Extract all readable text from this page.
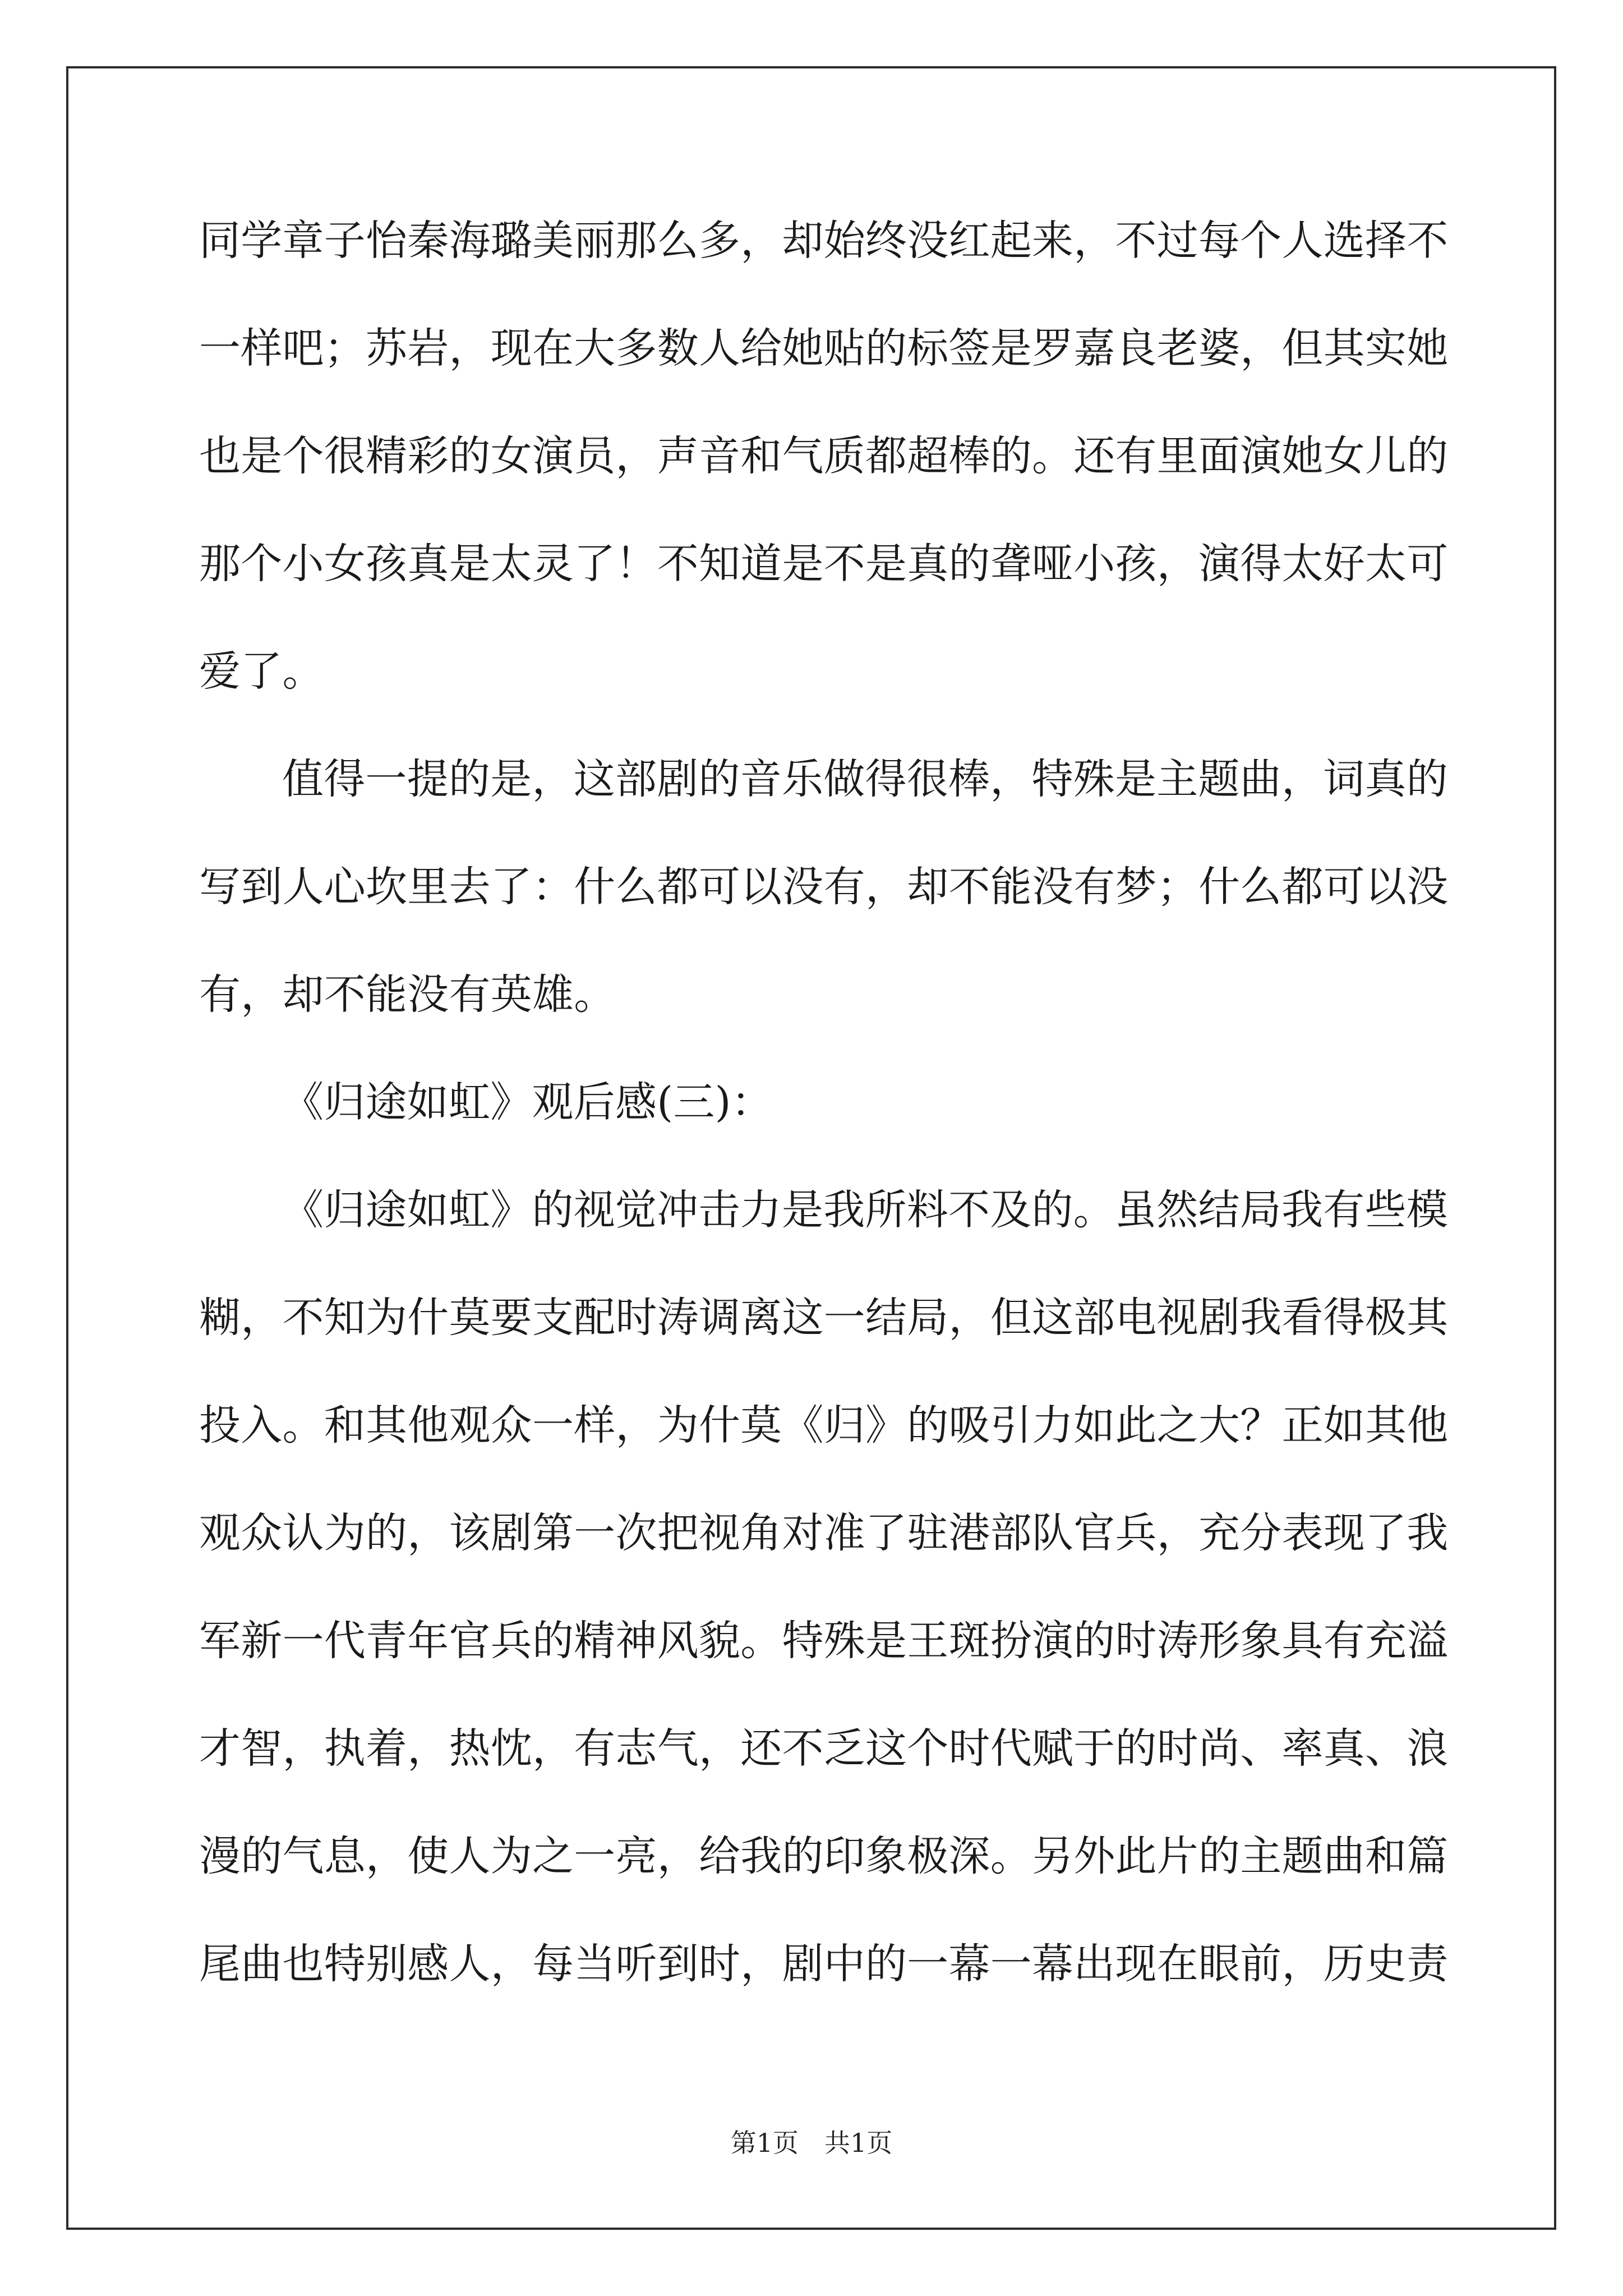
同学章子怡秦海璐美丽那么多，却始终没红起来，不过每个人选择不
一样吧；苏岩，现在大多数人给她贴的标签是罗嘉良老婆，但其实她
也是个很精彩的女演员，声音和气质都超棒的。还有里面演她女儿的
那个小女孩真是太灵了！不知道是不是真的聋哑小孩，演得太好太可
爱了。
值得一提的是，这部剧的音乐做得很棒，特殊是主题曲，词真的
写到人心坎里去了：什么都可以没有，却不能没有梦；什么都可以没
有，却不能没有英雄。
《归途如虹》观后感(三)：
《归途如虹》的视觉冲击力是我所料不及的。虽然结局我有些模
糊，不知为什莫要支配时涛调离这一结局，但这部电视剧我看得极其
投入。和其他观众一样，为什莫《归》的吸引力如此之大？正如其他
观众认为的，该剧第一次把视角对准了驻港部队官兵，充分表现了我
军新一代青年官兵的精神风貌。特殊是王斑扮演的时涛形象具有充溢
才智，执着，热忱，有志气，还不乏这个时代赋于的时尚、率真、浪
漫的气息，使人为之一亮，给我的印象极深。另外此片的主题曲和篇
尾曲也特别感人，每当听到时，剧中的一幕一幕出现在眼前，历史责
第1页　共1页
